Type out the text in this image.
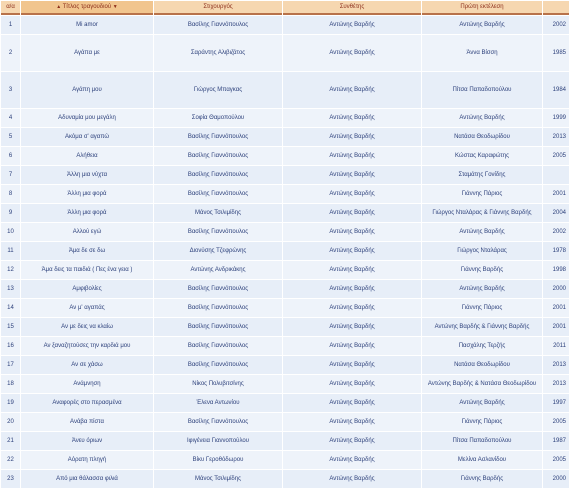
α/α	▲ Τίτλος τραγουδιού ▼	Στιχουργός	Συνθέτης	Πρώτη εκτέλεση	
1	Mi amor	Βασίλης Γιαννόπουλος	Αντώνης Βαρδής	Αντώνης Βαρδής	2002
2	Αγάπα με	Σαράντης Αλιβιζάτος	Αντώνης Βαρδής	Άννα Βίσση	1985
3	Αγάπη μου	Γιώργος Μπαγκας	Αντώνης Βαρδής	Πίτσα Παπαδοπούλου	1984
4	Αδυναμία μου μεγάλη	Σοφία Θαμοπούλου	Αντώνης Βαρδής	Αντώνης Βαρδής	1999
5	Ακόμα σ' αγαπώ	Βασίλης Γιαννόπουλος	Αντώνης Βαρδής	Νατάσα Θεοδωρίδου	2013
6	Αλήθεια	Βασίλης Γιαννόπουλος	Αντώνης Βαρδής	Κώστας Καραφώτης	2005
7	Άλλη μια νύχτα	Βασίλης Γιαννόπουλος	Αντώνης Βαρδής	Σταμάτης Γονίδης	
8	Άλλη μια φορά	Βασίλης Γιαννόπουλος	Αντώνης Βαρδής	Γιάννης Πάριος	2001
9	Άλλη μια φορά	Μάνος Τσιλιμίδης	Αντώνης Βαρδής	Γιώργος Νταλάρας & Γιάννης Βαρδής	2004
10	Αλλού εγώ	Βασίλης Γιαννόπουλος	Αντώνης Βαρδής	Αντώνης Βαρδής	2002
11	Άμα δε σε δω	Διονύσης Τζεφρώνης	Αντώνης Βαρδής	Γιώργος Νταλάρας	1978
12	Άμα δεις τα παιδιά ( Πες ένα γεια )	Αντώνης Ανδρικάκης	Αντώνης Βαρδής	Γιάννης Βαρδής	1998
13	Αμφιβολίες	Βασίλης Γιαννόπουλος	Αντώνης Βαρδής	Αντώνης Βαρδής	2000
14	Αν μ' αγαπάς	Βασίλης Γιαννόπουλος	Αντώνης Βαρδής	Γιάννης Πάριος	2001
15	Αν με δεις να κλαίω	Βασίλης Γιαννόπουλος	Αντώνης Βαρδής	Αντώνης Βαρδής & Γιάννης Βαρδής	2001
16	Αν ξαναζητούσες την καρδιά μου	Βασίλης Γιαννόπουλος	Αντώνης Βαρδής	Πασχάλης Τερζής	2011
17	Αν σε χάσω	Βασίλης Γιαννόπουλος	Αντώνης Βαρδής	Νατάσα Θεοδωρίδου	2013
18	Ανάμνηση	Νίκος Πολυβιτσίνης	Αντώνης Βαρδής	Αντώνης Βαρδής & Νατάσα Θεοδωρίδου	2013
19	Αναφορές στο περασμένα	Έλενα Αντωνίου	Αντώνης Βαρδής	Αντώνης Βαρδής	1997
20	Ανάβα πίστα	Βασίλης Γιαννόπουλος	Αντώνης Βαρδής	Γιάννης Πάριος	2005
21	Άνευ όριων	Ιφιγένεια Γιαννοπούλου	Αντώνης Βαρδής	Πίτσα Παπαδοπούλου	1987
22	Αόρατη πληγή	Βίκυ Γεροθόδωρου	Αντώνης Βαρδής	Μελίνα Ασλανίδου	2005
23	Από μια θάλασσα φιλιά	Μάνος Τσιλιμίδης	Αντώνης Βαρδής	Γιάννης Βαρδής	2000
